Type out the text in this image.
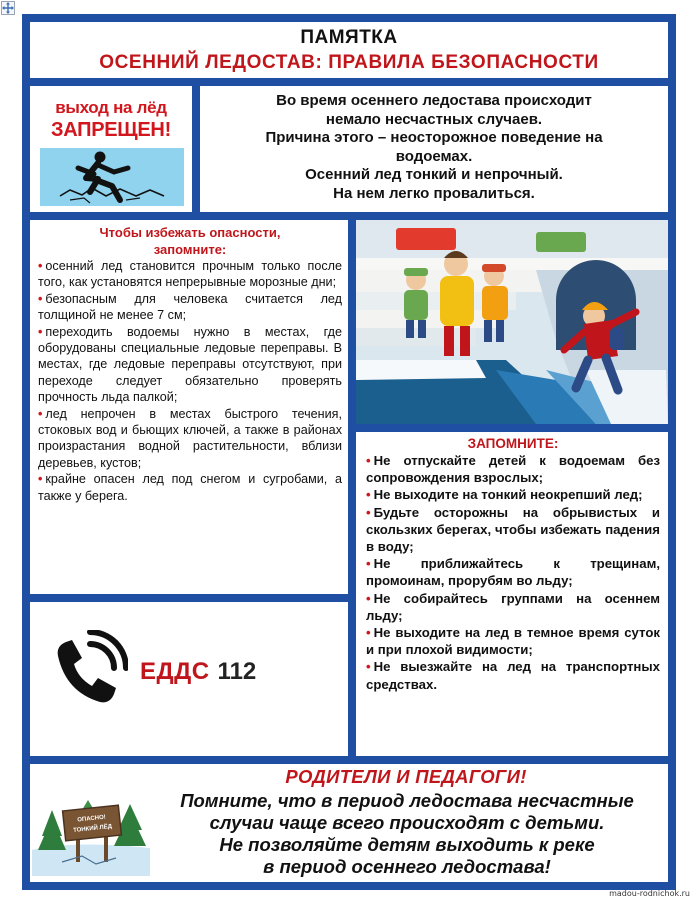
ПАМЯТКА
ОСЕННИЙ ЛЕДОСТАВ: ПРАВИЛА БЕЗОПАСНОСТИ
выход на лёд
ЗАПРЕЩЕН!
Во время осеннего ледостава происходит
немало несчастных случаев.
Причина этого – неосторожное поведение на
водоемах.
Осенний лед тонкий и непрочный.
На нем легко провалиться.
Чтобы избежать опасности,
запомните:
• осенний лед становится прочным только после того, как установятся непрерывные морозные дни;
• безопасным для человека считается лед толщиной не менее 7 см;
• переходить водоемы нужно в местах, где оборудованы специальные ледовые переправы. В местах, где ледовые переправы отсутствуют, при переходе следует обязательно проверять прочность льда палкой;
• лед непрочен в местах быстрого течения, стоковых вод и бьющих ключей, а также в районах произрастания водной растительности, вблизи деревьев, кустов;
• крайне опасен лед под снегом и сугробами, а также у берега.
ЗАПОМНИТЕ:
• Не отпускайте детей к водоемам без сопровождения взрослых;
• Не выходите на тонкий неокрепший лед;
• Будьте осторожны на обрывистых и скользких берегах, чтобы избежать падения в воду;
• Не приближайтесь к трещинам, промоинам, прорубям во льду;
• Не собирайтесь группами на осеннем льду;
• Не выходите на лед в темное время суток и при плохой видимости;
• Не выезжайте на лед на транспортных средствах.
ЕДДС 112
ОПАСНО!
ТОНКИЙ ЛЁД
РОДИТЕЛИ И ПЕДАГОГИ!
Помните, что в период ледостава несчастные
случаи чаще всего происходят с детьми.
Не позволяйте детям выходить к реке
в период осеннего ледостава!
madou-rodnichok.ru
